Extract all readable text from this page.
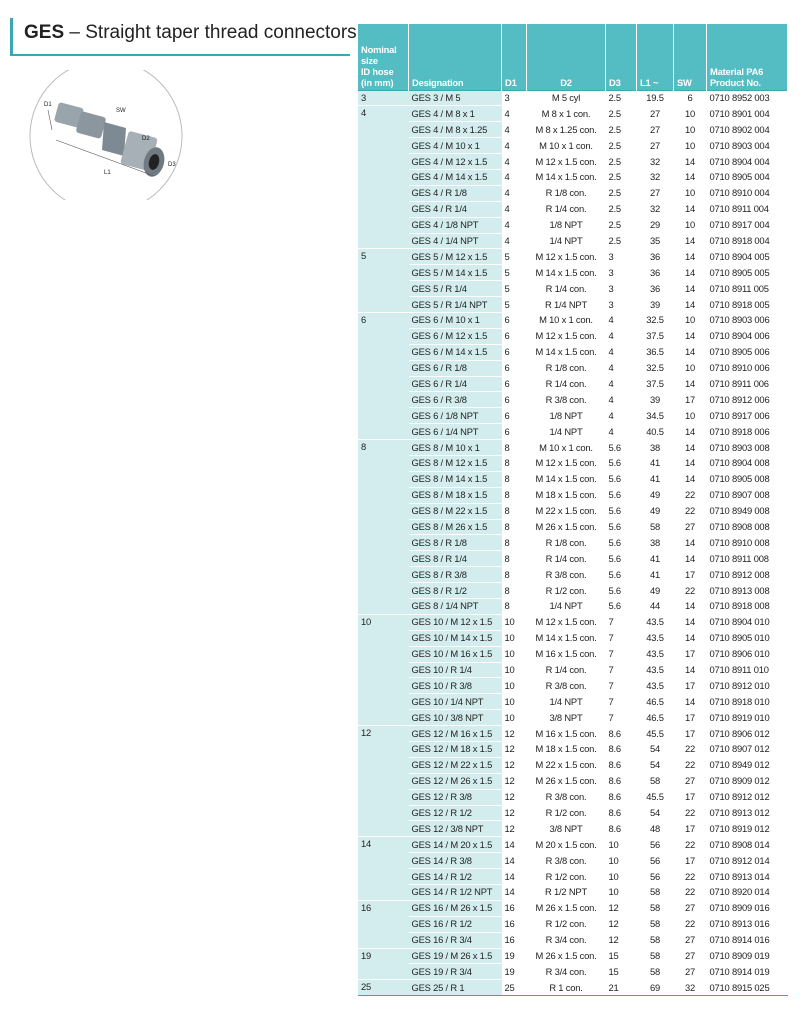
GES – Straight taper thread connectors
D1
SW
D2
D3
L1
Nominal
size
ID hose
(in mm)	Designation	D1	D2	D3	L1 ~	SW	Material PA6
Product No.
3	GES 3 / M 5	3	M 5 cyl	2.5	19.5	6	0710 8952 003
4	GES 4 / M 8 x 1	4	M 8 x 1 con.	2.5	27	10	0710 8901 004
	GES 4 / M 8 x 1.25	4	M 8 x 1.25 con.	2.5	27	10	0710 8902 004
	GES 4 / M 10 x 1	4	M 10 x 1 con.	2.5	27	10	0710 8903 004
	GES 4 / M 12 x 1.5	4	M 12 x 1.5 con.	2.5	32	14	0710 8904 004
	GES 4 / M 14 x 1.5	4	M 14 x 1.5 con.	2.5	32	14	0710 8905 004
	GES 4 / R 1/8	4	R 1/8 con.	2.5	27	10	0710 8910 004
	GES 4 / R 1/4	4	R 1/4 con.	2.5	32	14	0710 8911 004
	GES 4 / 1/8 NPT	4	1/8 NPT	2.5	29	10	0710 8917 004
	GES 4 / 1/4 NPT	4	1/4 NPT	2.5	35	14	0710 8918 004
5	GES 5 / M 12 x 1.5	5	M 12 x 1.5 con.	3	36	14	0710 8904 005
	GES 5 / M 14 x 1.5	5	M 14 x 1.5 con.	3	36	14	0710 8905 005
	GES 5 / R 1/4	5	R 1/4 con.	3	36	14	0710 8911 005
	GES 5 / R 1/4 NPT	5	R 1/4 NPT	3	39	14	0710 8918 005
6	GES 6 / M 10 x 1	6	M 10 x 1 con.	4	32.5	10	0710 8903 006
	GES 6 / M 12 x 1.5	6	M 12 x 1.5 con.	4	37.5	14	0710 8904 006
	GES 6 / M 14 x 1.5	6	M 14 x 1.5 con.	4	36.5	14	0710 8905 006
	GES 6 / R 1/8	6	R 1/8 con.	4	32.5	10	0710 8910 006
	GES 6 / R 1/4	6	R 1/4 con.	4	37.5	14	0710 8911 006
	GES 6 / R 3/8	6	R 3/8 con.	4	39	17	0710 8912 006
	GES 6 / 1/8 NPT	6	1/8 NPT	4	34.5	10	0710 8917 006
	GES 6 / 1/4 NPT	6	1/4 NPT	4	40.5	14	0710 8918 006
8	GES 8 / M 10 x 1	8	M 10 x 1 con.	5.6	38	14	0710 8903 008
	GES 8 / M 12 x 1.5	8	M 12 x 1.5 con.	5.6	41	14	0710 8904 008
	GES 8 / M 14 x 1.5	8	M 14 x 1.5 con.	5.6	41	14	0710 8905 008
	GES 8 / M 18 x 1.5	8	M 18 x 1.5 con.	5.6	49	22	0710 8907 008
	GES 8 / M 22 x 1.5	8	M 22 x 1.5 con.	5.6	49	22	0710 8949 008
	GES 8 / M 26 x 1.5	8	M 26 x 1.5 con.	5.6	58	27	0710 8908 008
	GES 8 / R 1/8	8	R 1/8 con.	5.6	38	14	0710 8910 008
	GES 8 / R 1/4	8	R 1/4 con.	5.6	41	14	0710 8911 008
	GES 8 / R 3/8	8	R 3/8 con.	5.6	41	17	0710 8912 008
	GES 8 / R 1/2	8	R 1/2 con.	5.6	49	22	0710 8913 008
	GES 8 / 1/4 NPT	8	1/4 NPT	5.6	44	14	0710 8918 008
10	GES 10 / M 12 x 1.5	10	M 12 x 1.5 con.	7	43.5	14	0710 8904 010
	GES 10 / M 14 x 1.5	10	M 14 x 1.5 con.	7	43.5	14	0710 8905 010
	GES 10 / M 16 x 1.5	10	M 16 x 1.5 con.	7	43.5	17	0710 8906 010
	GES 10 / R 1/4	10	R 1/4 con.	7	43.5	14	0710 8911 010
	GES 10 / R 3/8	10	R 3/8 con.	7	43.5	17	0710 8912 010
	GES 10 / 1/4 NPT	10	1/4 NPT	7	46.5	14	0710 8918 010
	GES 10 / 3/8 NPT	10	3/8 NPT	7	46.5	17	0710 8919 010
12	GES 12 / M 16 x 1.5	12	M 16 x 1.5 con.	8.6	45.5	17	0710 8906 012
	GES 12 / M 18 x 1.5	12	M 18 x 1.5 con.	8.6	54	22	0710 8907 012
	GES 12 / M 22 x 1.5	12	M 22 x 1.5 con.	8.6	54	22	0710 8949 012
	GES 12 / M 26 x 1.5	12	M 26 x 1.5 con.	8.6	58	27	0710 8909 012
	GES 12 / R 3/8	12	R 3/8 con.	8.6	45.5	17	0710 8912 012
	GES 12 / R 1/2	12	R 1/2 con.	8.6	54	22	0710 8913 012
	GES 12 / 3/8 NPT	12	3/8 NPT	8.6	48	17	0710 8919 012
14	GES 14 / M 20 x 1.5	14	M 20 x 1.5 con.	10	56	22	0710 8908 014
	GES 14 / R 3/8	14	R 3/8 con.	10	56	17	0710 8912 014
	GES 14 / R 1/2	14	R 1/2 con.	10	56	22	0710 8913 014
	GES 14 / R 1/2 NPT	14	R 1/2 NPT	10	58	22	0710 8920 014
16	GES 16 / M 26 x 1.5	16	M 26 x 1.5 con.	12	58	27	0710 8909 016
	GES 16 / R 1/2	16	R 1/2 con.	12	58	22	0710 8913 016
	GES 16 / R 3/4	16	R 3/4 con.	12	58	27	0710 8914 016
19	GES 19 / M 26 x 1.5	19	M 26 x 1.5 con.	15	58	27	0710 8909 019
	GES 19 / R 3/4	19	R 3/4 con.	15	58	27	0710 8914 019
25	GES 25 / R 1	25	R 1 con.	21	69	32	0710 8915 025
